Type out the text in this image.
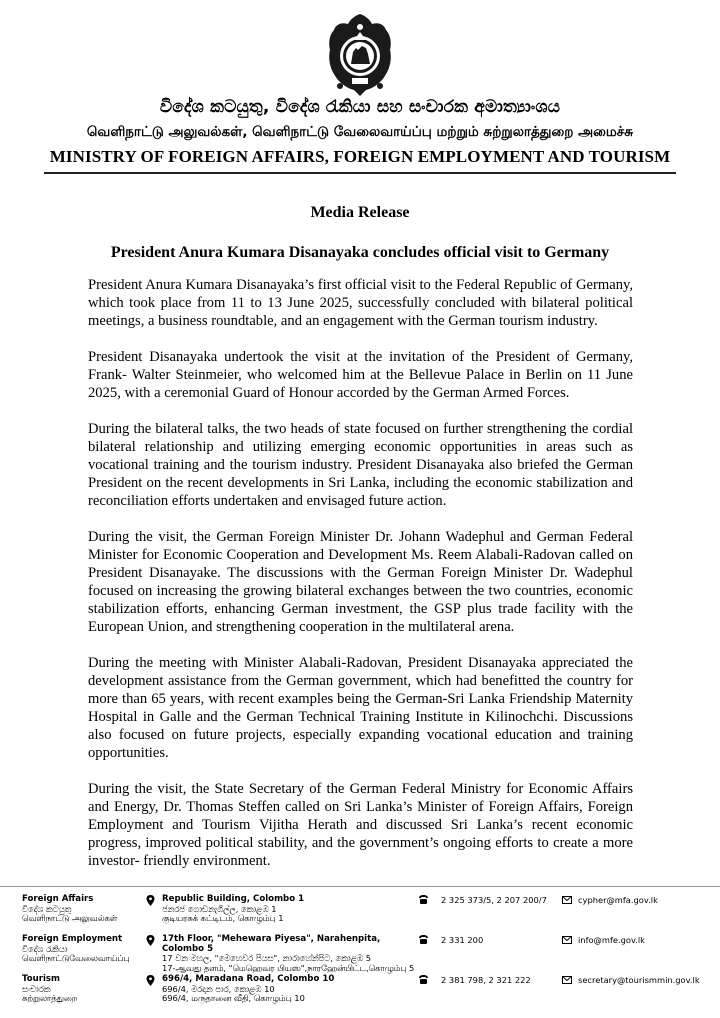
විදේශ කටයුතු, විදේශ රැකියා සහ සංචාරක අමාත්‍යාංශය
வெளிநாட்டு அலுவல்கள், வெளிநாட்டு வேலைவாய்ப்பு மற்றும் சுற்றுலாத்துறை அமைச்சு
MINISTRY OF FOREIGN AFFAIRS, FOREIGN EMPLOYMENT AND TOURISM
Media Release
President Anura Kumara Disanayaka concludes official visit to Germany

President Anura Kumara Disanayaka’s first official visit to the Federal Republic of Germany, which took place from 11 to 13 June 2025, successfully concluded with bilateral political meetings, a business roundtable, and an engagement with the German tourism industry.

President Disanayaka undertook the visit at the invitation of the President of Germany, Frank- Walter Steinmeier, who welcomed him at the Bellevue Palace in Berlin on 11 June 2025, with a ceremonial Guard of Honour accorded by the German Armed Forces.

During the bilateral talks, the two heads of state focused on further strengthening the cordial bilateral relationship and utilizing emerging economic opportunities in areas such as vocational training and the tourism industry. President Disanayaka also briefed the German President on the recent developments in Sri Lanka, including the economic stabilization and reconciliation efforts undertaken and envisaged future action.

During the visit, the German Foreign Minister Dr. Johann Wadephul and German Federal Minister for Economic Cooperation and Development Ms. Reem Alabali-Radovan called on President Disanayake. The discussions with the German Foreign Minister Dr. Wadephul focused on increasing the growing bilateral exchanges between the two countries, economic stabilization efforts, enhancing German investment, the GSP plus trade facility with the European Union, and strengthening cooperation in the multilateral arena.

During the meeting with Minister Alabali-Radovan, President Disanayaka appreciated the development assistance from the German government, which had benefitted the country for more than 65 years, with recent examples being the German-Sri Lanka Friendship Maternity Hospital in Galle and the German Technical Training Institute in Kilinochchi. Discussions also focused on future projects, especially expanding vocational education and training opportunities.

During the visit, the State Secretary of the German Federal Ministry for Economic Affairs and Energy, Dr. Thomas Steffen called on Sri Lanka’s Minister of Foreign Affairs, Foreign Employment and Tourism Vijitha Herath and discussed Sri Lanka’s recent economic progress, improved political stability, and the government’s ongoing efforts to create a more investor- friendly environment.

Foreign Affairs
විදේශ කටයුතු
வெளிநாட்டு அலுவல்கள்
Republic Building, Colombo 1
ජනරජ ගොඩනැගිල්ල, කොළඹ 1
குடியரசுக் கட்டிடம், கொழும்பு 1
2 325 373/5, 2 207 200/7	cypher@mfa.gov.lk
Foreign Employment
විදේශ රැකියා
வெளிநாட்டுவேலைவாய்ப்பு
17th Floor, "Mehewara Piyesa", Narahenpita, Colombo 5
17 වන මහල, "මෙහෙවර පියස", නාරාහේන්පිට, කොළඹ 5
17-ஆவது தளம், "மெஹெவர பியஸ",நாரஹேன்பிட்ட,கொழும்பு 5
2 331 200	info@mfe.gov.lk
Tourism
සංචාරක
சுற்றுலாத்துறை
696/4, Maradana Road, Colombo 10
696/4, මරදාන පාර, කොළඹ 10
696/4, மருதானை வீதி, கொழும்பு 10
2 381 798, 2 321 222	secretary@tourismmin.gov.lk
